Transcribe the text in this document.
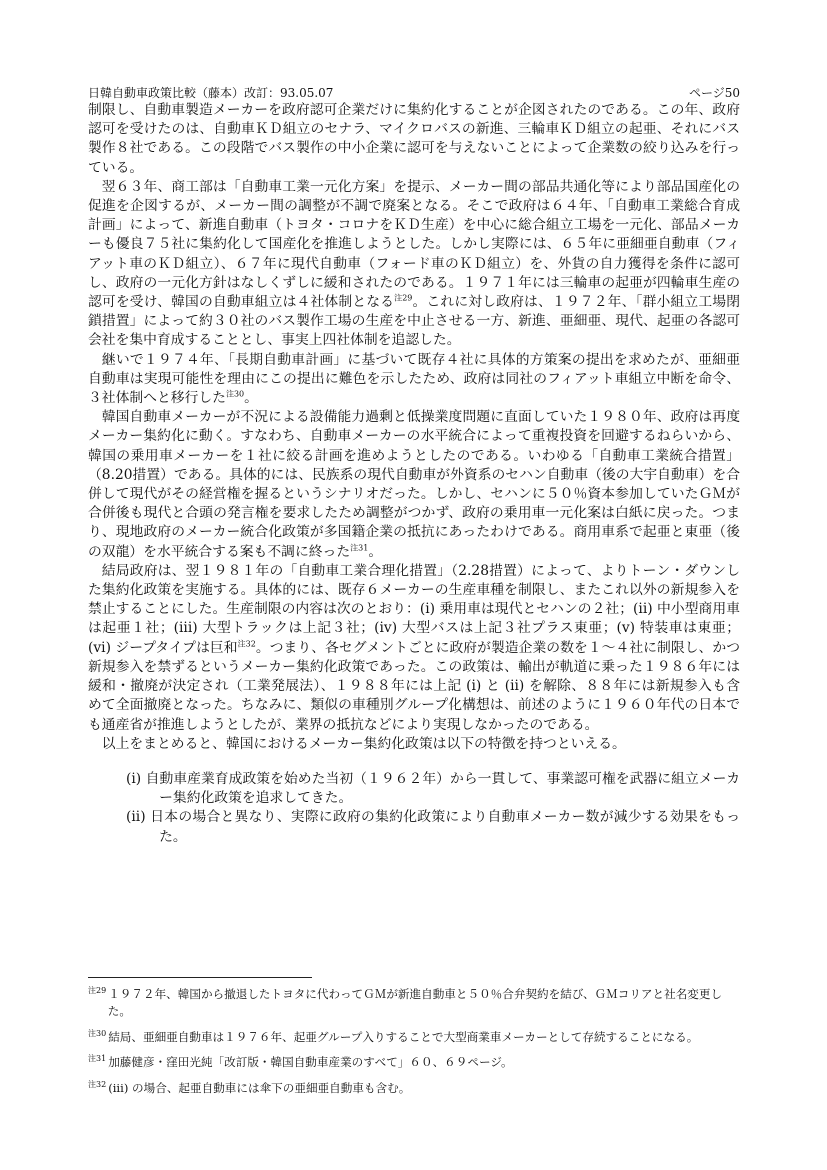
日韓自動車政策比較（藤本）改訂：93.05.07	ページ50

制限し、自動車製造メーカーを政府認可企業だけに集約化することが企図されたのである。この年、政府認可を受けたのは、自動車ＫＤ組立のセナラ、マイクロバスの新進、三輪車ＫＤ組立の起亜、それにバス製作８社である。この段階でバス製作の中小企業に認可を与えないことによって企業数の絞り込みを行っている。

翌６３年、商工部は「自動車工業一元化方案」を提示、メーカー間の部品共通化等により部品国産化の促進を企図するが、メーカー間の調整が不調で廃案となる。そこで政府は６４年、「自動車工業総合育成計画」によって、新進自動車（トヨタ・コロナをＫＤ生産）を中心に総合組立工場を一元化、部品メーカーも優良７５社に集約化して国産化を推進しようとした。しかし実際には、６５年に亜細亜自動車（フィアット車のＫＤ組立）、６７年に現代自動車（フォード車のＫＤ組立）を、外貨の自力獲得を条件に認可し、政府の一元化方針はなしくずしに緩和されたのである。１９７１年には三輪車の起亜が四輪車生産の認可を受け、韓国の自動車組立は４社体制となる$^{注29}$。これに対し政府は、１９７２年、「群小組立工場閉鎖措置」によって約３０社のバス製作工場の生産を中止させる一方、新進、亜細亜、現代、起亜の各認可会社を集中育成することとし、事実上四社体制を追認した。

継いで１９７４年、「長期自動車計画」に基づいて既存４社に具体的方策案の提出を求めたが、亜細亜自動車は実現可能性を理由にこの提出に難色を示したため、政府は同社のフィアット車組立中断を命令、３社体制へと移行した$^{注30}$。

韓国自動車メーカーが不況による設備能力過剰と低操業度問題に直面していた１９８０年、政府は再度メーカー集約化に動く。すなわち、自動車メーカーの水平統合によって重複投資を回避するねらいから、韓国の乗用車メーカーを１社に絞る計画を進めようとしたのである。いわゆる「自動車工業統合措置」（8.20措置）である。具体的には、民族系の現代自動車が外資系のセハン自動車（後の大宇自動車）を合併して現代がその経営権を握るというシナリオだった。しかし、セハンに５０％資本参加していたＧＭが合併後も現代と合頭の発言権を要求したため調整がつかず、政府の乗用車一元化案は白紙に戻った。つまり、現地政府のメーカー統合化政策が多国籍企業の抵抗にあったわけである。商用車系で起亜と東亜（後の双龍）を水平統合する案も不調に終った$^{注31}$。

結局政府は、翌１９８１年の「自動車工業合理化措置」（2.28措置）によって、よりトーン・ダウンした集約化政策を実施する。具体的には、既存６メーカーの生産車種を制限し、またこれ以外の新規参入を禁止することにした。生産制限の内容は次のとおり：(i) 乗用車は現代とセハンの２社；(ii) 中小型商用車は起亜１社；(iii) 大型トラックは上記３社；(iv) 大型バスは上記３社プラス東亜；(v) 特装車は東亜；(vi) ジープタイプは巨和$^{注32}$。つまり、各セグメントごとに政府が製造企業の数を１〜４社に制限し、かつ新規参入を禁ずるというメーカー集約化政策であった。この政策は、輸出が軌道に乗った１９８６年には緩和・撤廃が決定され（工業発展法）、１９８８年には上記 (i) と (ii) を解除、８８年には新規参入も含めて全面撤廃となった。ちなみに、類似の車種別グループ化構想は、前述のように１９６０年代の日本でも通産省が推進しようとしたが、業界の抵抗などにより実現しなかったのである。

以上をまとめると、韓国におけるメーカー集約化政策は以下の特徴を持つといえる。

(i) 自動車産業育成政策を始めた当初（１９６２年）から一貫して、事業認可権を武器に組立メーカー集約化政策を追求してきた。
(ii) 日本の場合と異なり、実際に政府の集約化政策により自動車メーカー数が減少する効果をもった。
$^{注29}$ １９７２年、韓国から撤退したトヨタに代わってＧＭが新進自動車と５０％合弁契約を結び、ＧＭコリアと社名変更した。
$^{注30}$ 結局、亜細亜自動車は１９７６年、起亜グループ入りすることで大型商業車メーカーとして存続することになる。
$^{注31}$ 加藤健彦・窪田光純「改訂版・韓国自動車産業のすべて」６０、６９ページ。
$^{注32}$ (iii) の場合、起亜自動車には傘下の亜細亜自動車も含む。
